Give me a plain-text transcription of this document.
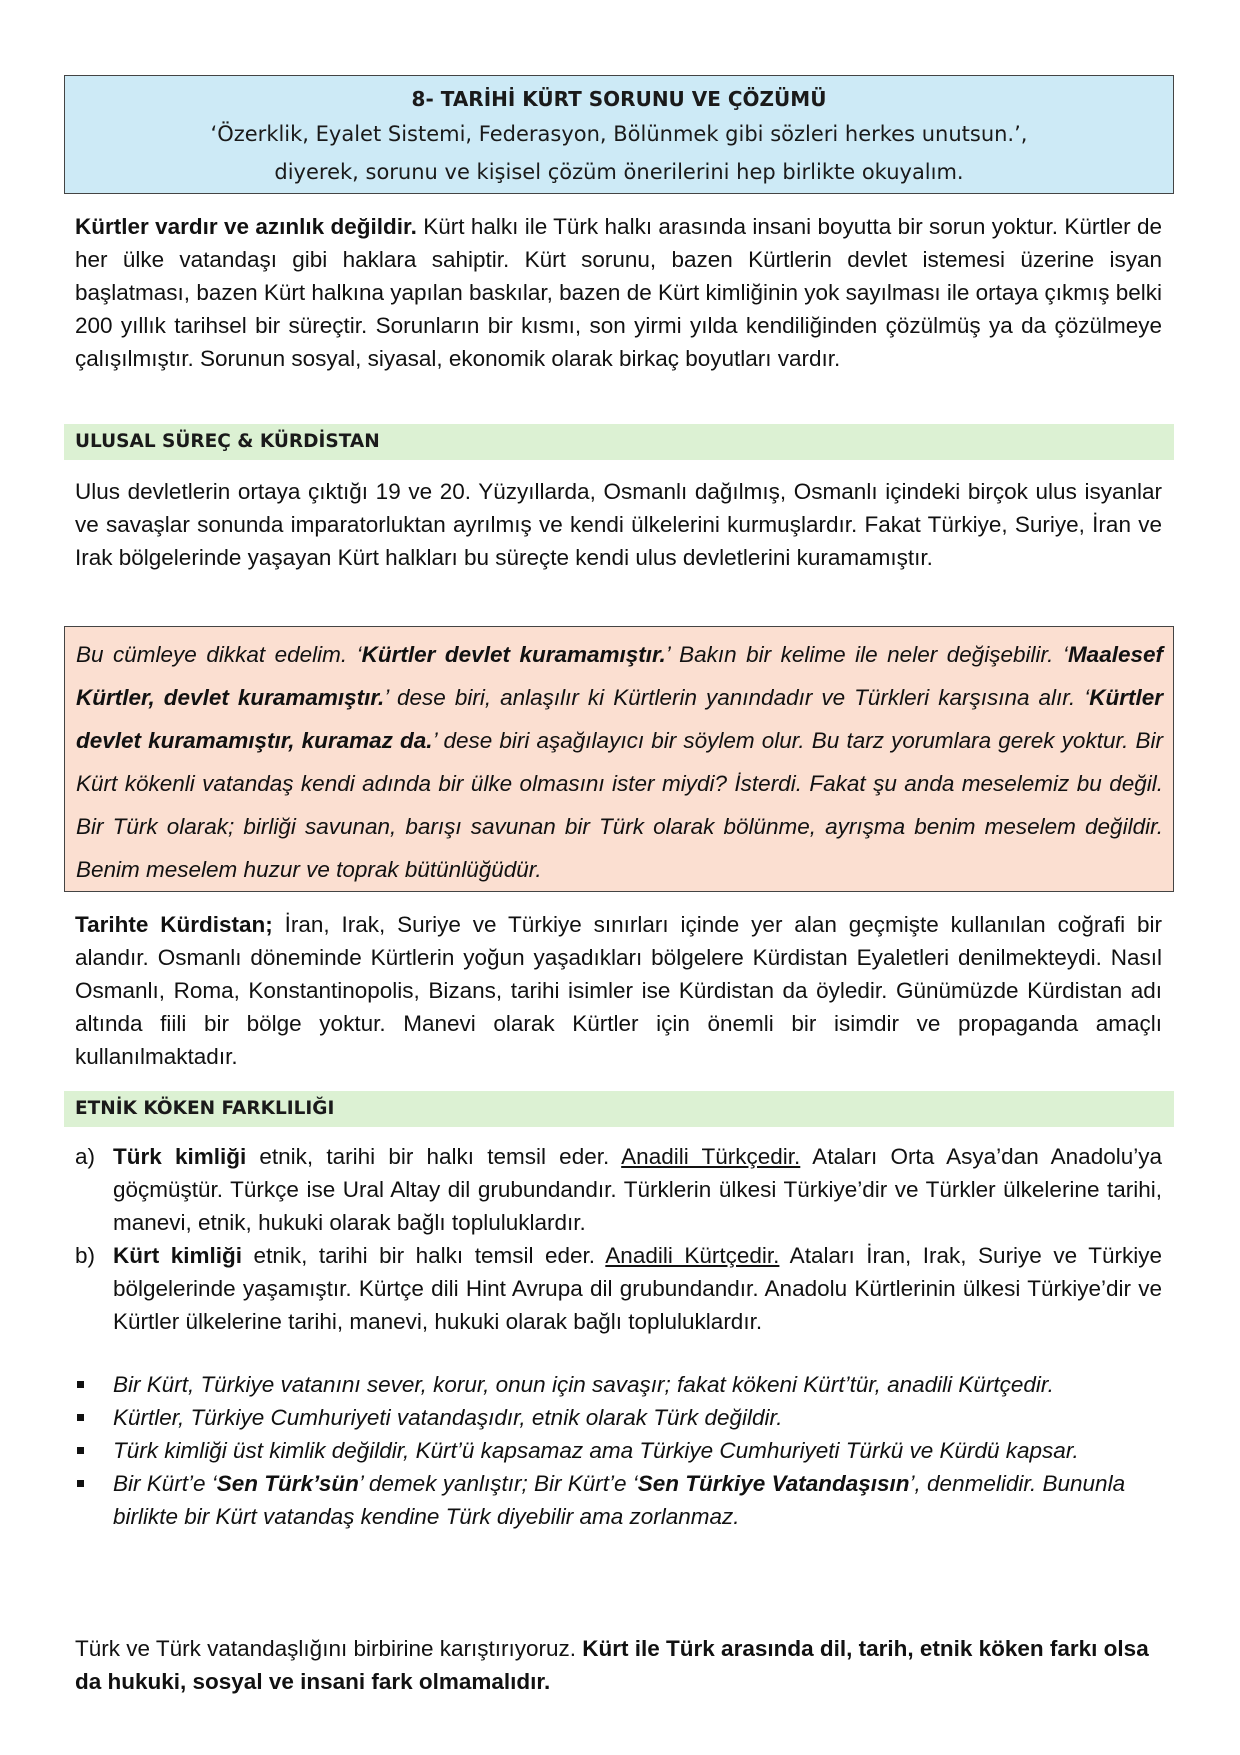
8- TARİHİ KÜRT SORUNU VE ÇÖZÜMÜ
‘Özerklik, Eyalet Sistemi, Federasyon, Bölünmek gibi sözleri herkes unutsun.’,
diyerek, sorunu ve kişisel çözüm önerilerini hep birlikte okuyalım.

Kürtler vardır ve azınlık değildir. Kürt halkı ile Türk halkı arasında insani boyutta bir sorun yoktur. Kürtler de her ülke vatandaşı gibi haklara sahiptir. Kürt sorunu, bazen Kürtlerin devlet istemesi üzerine isyan başlatması, bazen Kürt halkına yapılan baskılar, bazen de Kürt kimliğinin yok sayılması ile ortaya çıkmış belki 200 yıllık tarihsel bir süreçtir. Sorunların bir kısmı, son yirmi yılda kendiliğinden çözülmüş ya da çözülmeye çalışılmıştır. Sorunun sosyal, siyasal, ekonomik olarak birkaç boyutları vardır.

ULUSAL SÜREÇ & KÜRDİSTAN

Ulus devletlerin ortaya çıktığı 19 ve 20. Yüzyıllarda, Osmanlı dağılmış, Osmanlı içindeki birçok ulus isyanlar ve savaşlar sonunda imparatorluktan ayrılmış ve kendi ülkelerini kurmuşlardır. Fakat Türkiye, Suriye, İran ve Irak bölgelerinde yaşayan Kürt halkları bu süreçte kendi ulus devletlerini kuramamıştır.

Bu cümleye dikkat edelim. ‘Kürtler devlet kuramamıştır.’ Bakın bir kelime ile neler değişebilir. ‘Maalesef Kürtler, devlet kuramamıştır.’ dese biri, anlaşılır ki Kürtlerin yanındadır ve Türkleri karşısına alır. ‘Kürtler devlet kuramamıştır, kuramaz da.’ dese biri aşağılayıcı bir söylem olur. Bu tarz yorumlara gerek yoktur. Bir Kürt kökenli vatandaş kendi adında bir ülke olmasını ister miydi? İsterdi. Fakat şu anda meselemiz bu değil. Bir Türk olarak; birliği savunan, barışı savunan bir Türk olarak bölünme, ayrışma benim meselem değildir. Benim meselem huzur ve toprak bütünlüğüdür.

Tarihte Kürdistan; İran, Irak, Suriye ve Türkiye sınırları içinde yer alan geçmişte kullanılan coğrafi bir alandır. Osmanlı döneminde Kürtlerin yoğun yaşadıkları bölgelere Kürdistan Eyaletleri denilmekteydi. Nasıl Osmanlı, Roma, Konstantinopolis, Bizans, tarihi isimler ise Kürdistan da öyledir. Günümüzde Kürdistan adı altında fiili bir bölge yoktur. Manevi olarak Kürtler için önemli bir isimdir ve propaganda amaçlı kullanılmaktadır.

ETNİK KÖKEN FARKLILIĞI
a) Türk kimliği etnik, tarihi bir halkı temsil eder. Anadili Türkçedir. Ataları Orta Asya’dan Anadolu’ya göçmüştür. Türkçe ise Ural Altay dil grubundandır. Türklerin ülkesi Türkiye’dir ve Türkler ülkelerine tarihi, manevi, etnik, hukuki olarak bağlı topluluklardır.
b) Kürt kimliği etnik, tarihi bir halkı temsil eder. Anadili Kürtçedir. Ataları İran, Irak, Suriye ve Türkiye bölgelerinde yaşamıştır. Kürtçe dili Hint Avrupa dil grubundandır. Anadolu Kürtlerinin ülkesi Türkiye’dir ve Kürtler ülkelerine tarihi, manevi, hukuki olarak bağlı topluluklardır.
Bir Kürt, Türkiye vatanını sever, korur, onun için savaşır; fakat kökeni Kürt’tür, anadili Kürtçedir.
Kürtler, Türkiye Cumhuriyeti vatandaşıdır, etnik olarak Türk değildir.
Türk kimliği üst kimlik değildir, Kürt’ü kapsamaz ama Türkiye Cumhuriyeti Türkü ve Kürdü kapsar.
Bir Kürt’e ‘Sen Türk’sün’ demek yanlıştır; Bir Kürt’e ‘Sen Türkiye Vatandaşısın’, denmelidir. Bununla birlikte bir Kürt vatandaş kendine Türk diyebilir ama zorlanmaz.

Türk ve Türk vatandaşlığını birbirine karıştırıyoruz. Kürt ile Türk arasında dil, tarih, etnik köken farkı olsa da hukuki, sosyal ve insani fark olmamalıdır.
